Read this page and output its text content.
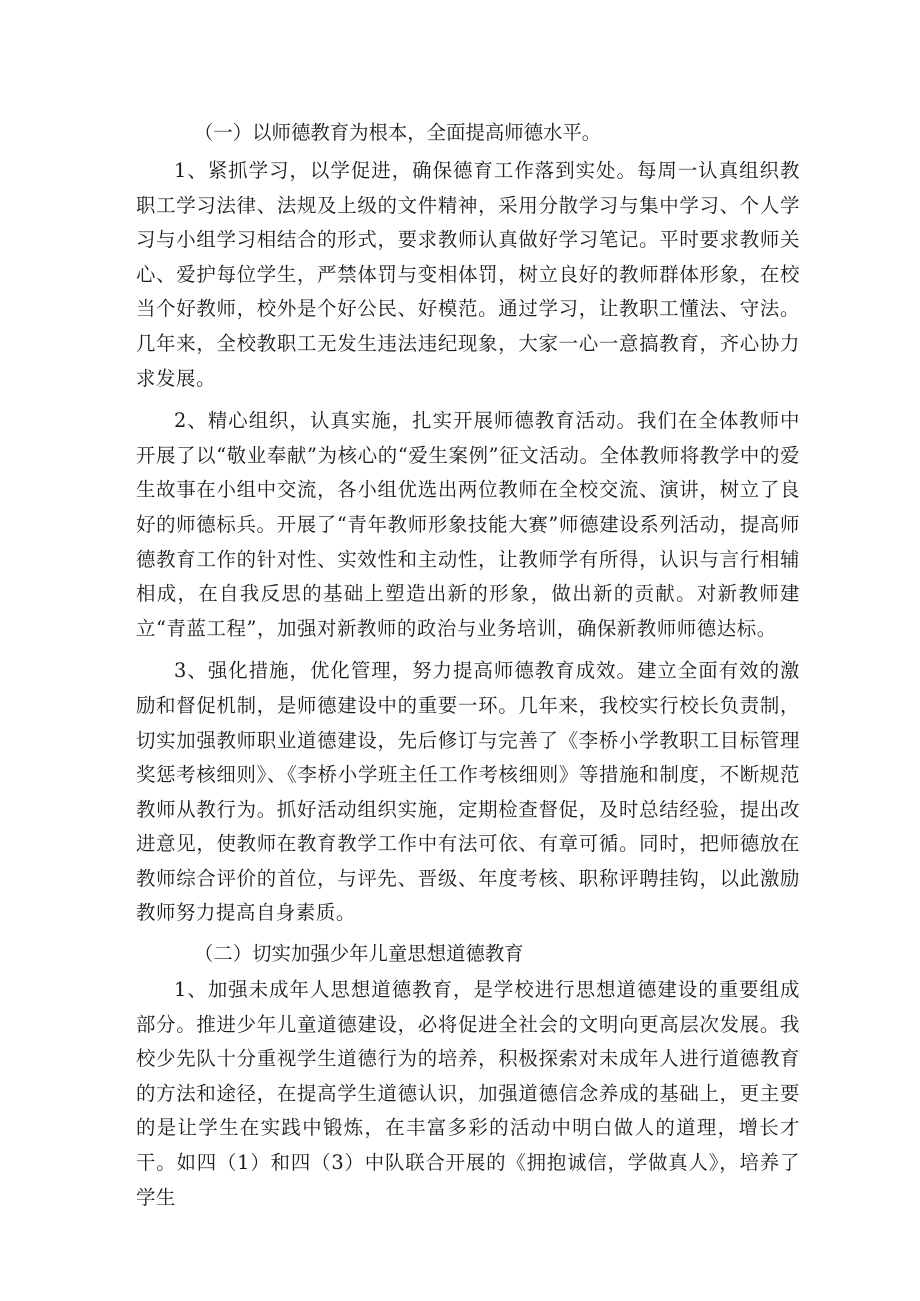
（一）以师德教育为根本，全面提高师德水平。

1、紧抓学习，以学促进，确保德育工作落到实处。每周一认真组织教职工学习法律、法规及上级的文件精神，采用分散学习与集中学习、个人学习与小组学习相结合的形式，要求教师认真做好学习笔记。平时要求教师关心、爱护每位学生，严禁体罚与变相体罚，树立良好的教师群体形象，在校当个好教师，校外是个好公民、好模范。通过学习，让教职工懂法、守法。几年来，全校教职工无发生违法违纪现象，大家一心一意搞教育，齐心协力求发展。

2、精心组织，认真实施，扎实开展师德教育活动。我们在全体教师中开展了以“敬业奉献”为核心的“爱生案例”征文活动。全体教师将教学中的爱生故事在小组中交流，各小组优选出两位教师在全校交流、演讲，树立了良好的师德标兵。开展了“青年教师形象技能大赛”师德建设系列活动，提高师德教育工作的针对性、实效性和主动性，让教师学有所得，认识与言行相辅相成，在自我反思的基础上塑造出新的形象，做出新的贡献。对新教师建立“青蓝工程”，加强对新教师的政治与业务培训，确保新教师师德达标。

3、强化措施，优化管理，努力提高师德教育成效。建立全面有效的激励和督促机制，是师德建设中的重要一环。几年来，我校实行校长负责制，切实加强教师职业道德建设，先后修订与完善了《李桥小学教职工目标管理奖惩考核细则》、《李桥小学班主任工作考核细则》等措施和制度，不断规范教师从教行为。抓好活动组织实施，定期检查督促，及时总结经验，提出改进意见，使教师在教育教学工作中有法可依、有章可循。同时，把师德放在教师综合评价的首位，与评先、晋级、年度考核、职称评聘挂钩，以此激励教师努力提高自身素质。

（二）切实加强少年儿童思想道德教育

1、加强未成年人思想道德教育，是学校进行思想道德建设的重要组成部分。推进少年儿童道德建设，必将促进全社会的文明向更高层次发展。我校少先队十分重视学生道德行为的培养，积极探索对未成年人进行道德教育的方法和途径，在提高学生道德认识，加强道德信念养成的基础上，更主要的是让学生在实践中锻炼，在丰富多彩的活动中明白做人的道理，增长才干。如四（1）和四（3）中队联合开展的《拥抱诚信，学做真人》，培养了学生
